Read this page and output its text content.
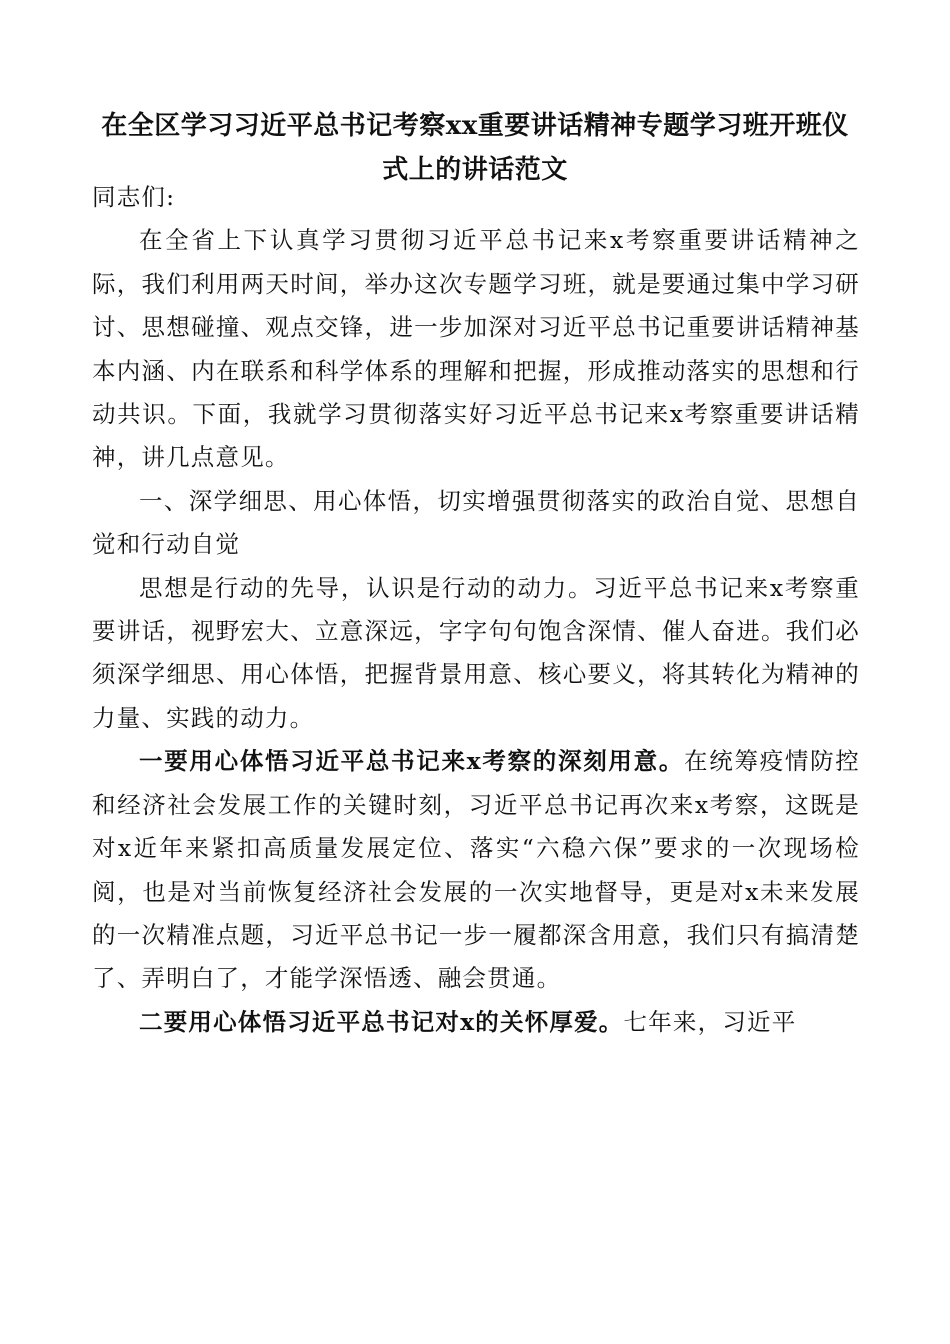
在全区学习习近平总书记考察xx重要讲话精神专题学习班开班仪式上的讲话范文

同志们:

在全省上下认真学习贯彻习近平总书记来x考察重要讲话精神之际，我们利用两天时间，举办这次专题学习班，就是要通过集中学习研讨、思想碰撞、观点交锋，进一步加深对习近平总书记重要讲话精神基本内涵、内在联系和科学体系的理解和把握，形成推动落实的思想和行动共识。下面，我就学习贯彻落实好习近平总书记来x考察重要讲话精神，讲几点意见。

一、深学细思、用心体悟，切实增强贯彻落实的政治自觉、思想自觉和行动自觉

思想是行动的先导，认识是行动的动力。习近平总书记来x考察重要讲话，视野宏大、立意深远，字字句句饱含深情、催人奋进。我们必须深学细思、用心体悟，把握背景用意、核心要义，将其转化为精神的力量、实践的动力。

一要用心体悟习近平总书记来x考察的深刻用意。在统筹疫情防控和经济社会发展工作的关键时刻，习近平总书记再次来x考察，这既是对x近年来紧扣高质量发展定位、落实“六稳六保”要求的一次现场检阅，也是对当前恢复经济社会发展的一次实地督导，更是对x未来发展的一次精准点题，习近平总书记一步一履都深含用意，我们只有搞清楚了、弄明白了，才能学深悟透、融会贯通。

二要用心体悟习近平总书记对x的关怀厚爱。七年来，习近平
